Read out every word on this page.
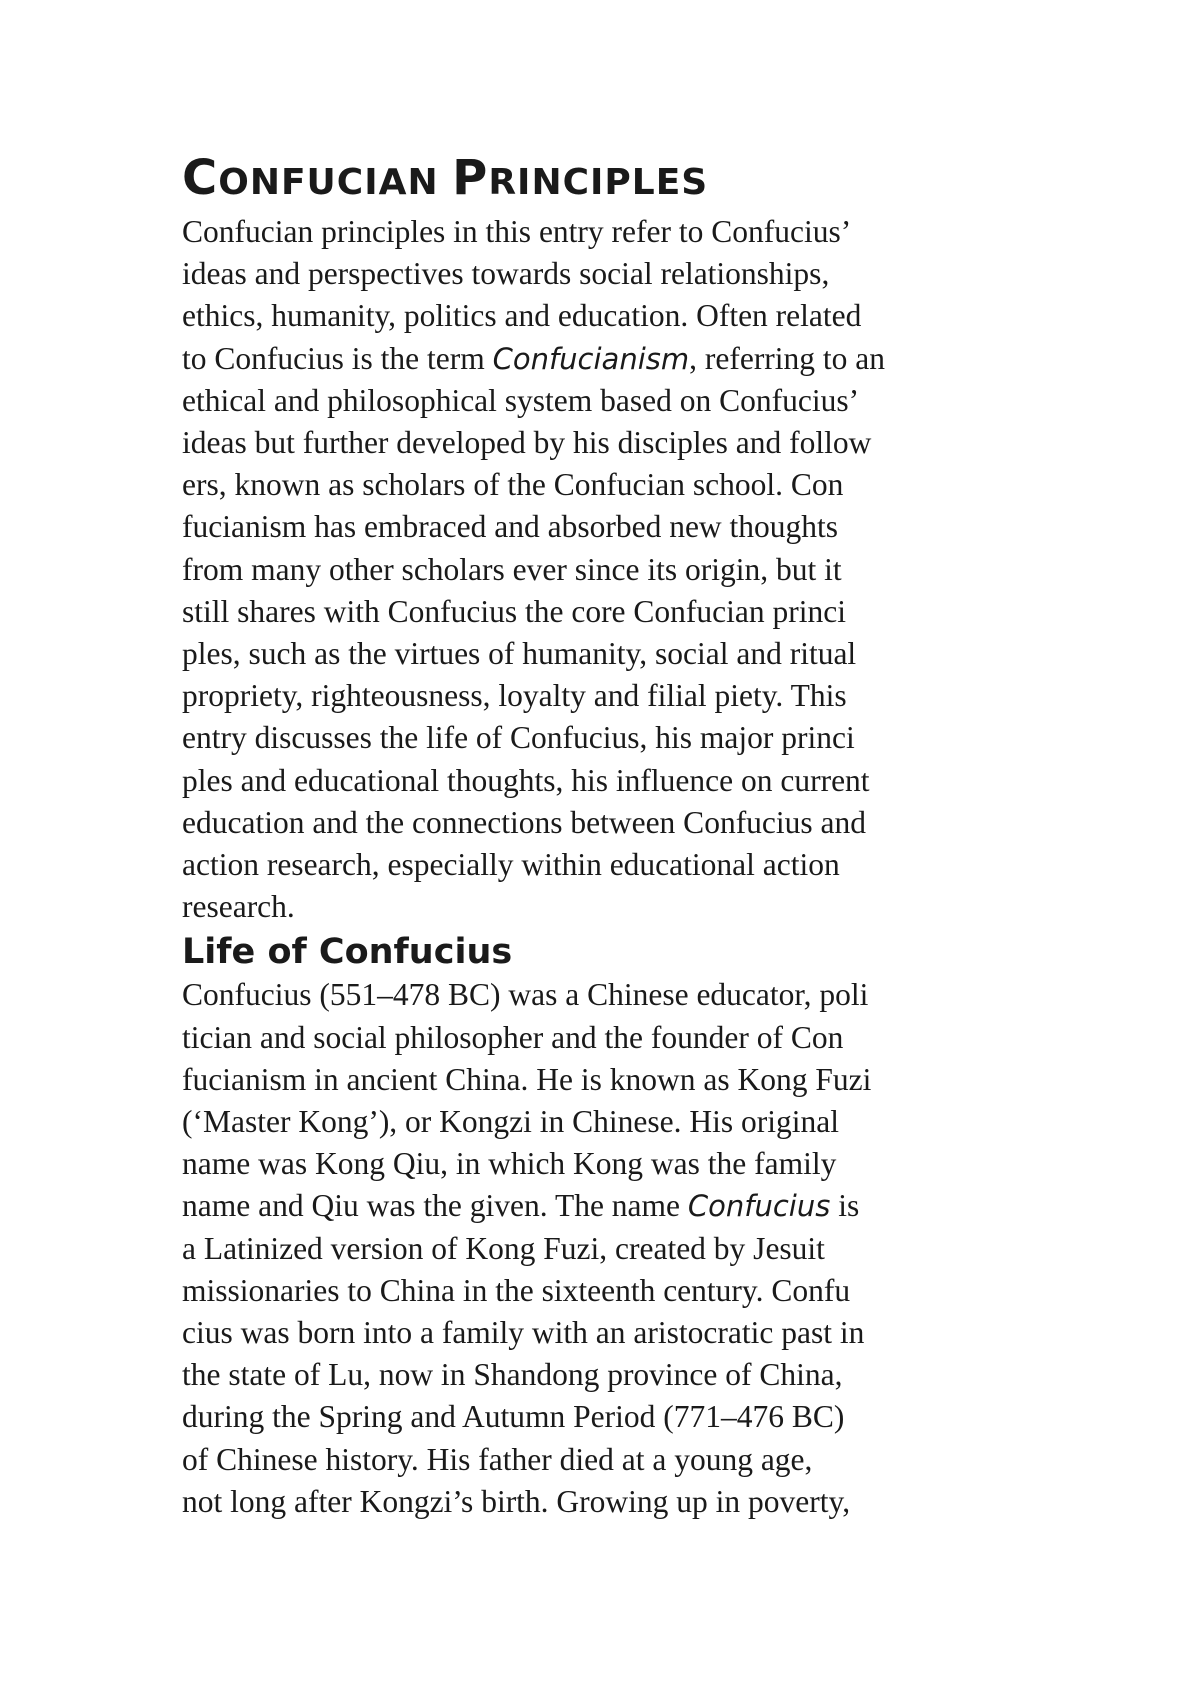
CONFUCIAN PRINCIPLES

Confucian principles in this entry refer to Confucius’

ideas and perspectives towards social relationships,

ethics, humanity, politics and education. Often related

to Confucius is the term Confucianism, referring to an

ethical and philosophical system based on Confucius’

ideas but further developed by his disciples and follow

ers, known as scholars of the Confucian school. Con

fucianism has embraced and absorbed new thoughts

from many other scholars ever since its origin, but it

still shares with Confucius the core Confucian princi

ples, such as the virtues of humanity, social and ritual

propriety, righteousness, loyalty and filial piety. This

entry discusses the life of Confucius, his major princi

ples and educational thoughts, his influence on current

education and the connections between Confucius and

action research, especially within educational action

research.

Life of Confucius

Confucius (551–478 BC) was a Chinese educator, poli

tician and social philosopher and the founder of Con

fucianism in ancient China. He is known as Kong Fuzi

(‘Master Kong’), or Kongzi in Chinese. His original

name was Kong Qiu, in which Kong was the family

name and Qiu was the given. The name Confucius is

a Latinized version of Kong Fuzi, created by Jesuit

missionaries to China in the sixteenth century. Confu

cius was born into a family with an aristocratic past in

the state of Lu, now in Shandong province of China,

during the Spring and Autumn Period (771–476 BC)

of Chinese history. His father died at a young age,

not long after Kongzi’s birth. Growing up in poverty,
